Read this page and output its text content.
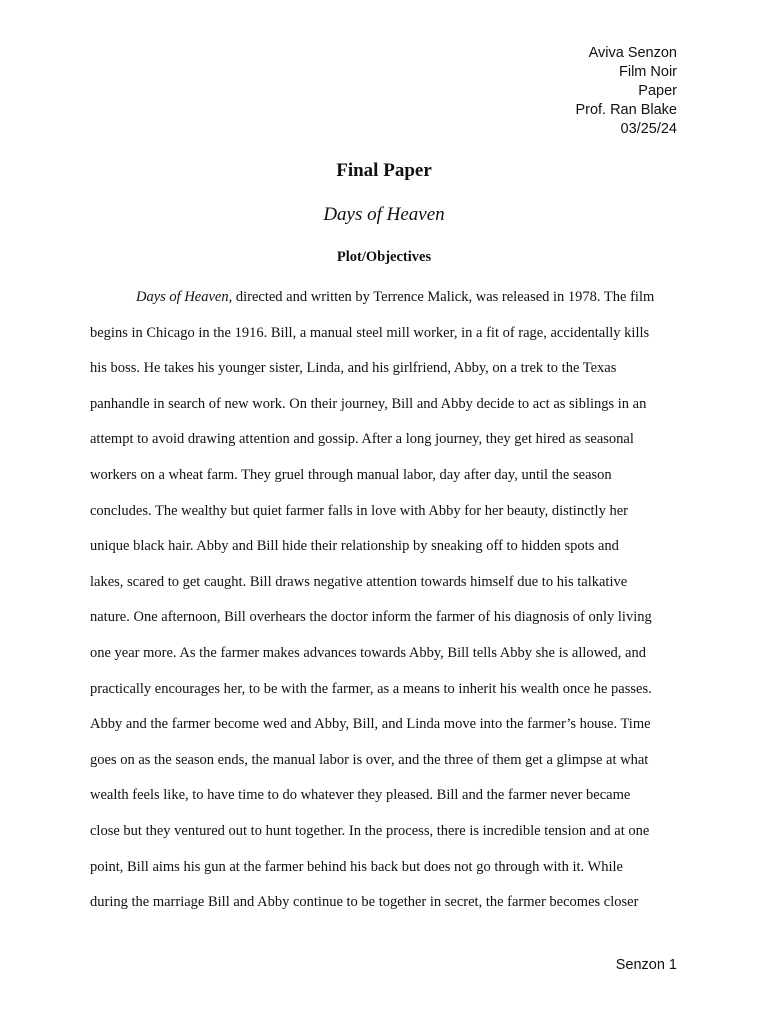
Aviva Senzon
Film Noir
Paper
Prof. Ran Blake
03/25/24
Final Paper
Days of Heaven
Plot/Objectives
Days of Heaven, directed and written by Terrence Malick, was released in 1978. The film
begins in Chicago in the 1916. Bill, a manual steel mill worker, in a fit of rage, accidentally kills
his boss. He takes his younger sister, Linda, and his girlfriend, Abby, on a trek to the Texas
panhandle in search of new work. On their journey, Bill and Abby decide to act as siblings in an
attempt to avoid drawing attention and gossip. After a long journey, they get hired as seasonal
workers on a wheat farm. They gruel through manual labor, day after day, until the season
concludes. The wealthy but quiet farmer falls in love with Abby for her beauty, distinctly her
unique black hair. Abby and Bill hide their relationship by sneaking off to hidden spots and
lakes, scared to get caught. Bill draws negative attention towards himself due to his talkative
nature. One afternoon, Bill overhears the doctor inform the farmer of his diagnosis of only living
one year more. As the farmer makes advances towards Abby, Bill tells Abby she is allowed, and
practically encourages her, to be with the farmer, as a means to inherit his wealth once he passes.
Abby and the farmer become wed and Abby, Bill, and Linda move into the farmer’s house. Time
goes on as the season ends, the manual labor is over, and the three of them get a glimpse at what
wealth feels like, to have time to do whatever they pleased. Bill and the farmer never became
close but they ventured out to hunt together. In the process, there is incredible tension and at one
point, Bill aims his gun at the farmer behind his back but does not go through with it. While
during the marriage Bill and Abby continue to be together in secret, the farmer becomes closer
Senzon 1
